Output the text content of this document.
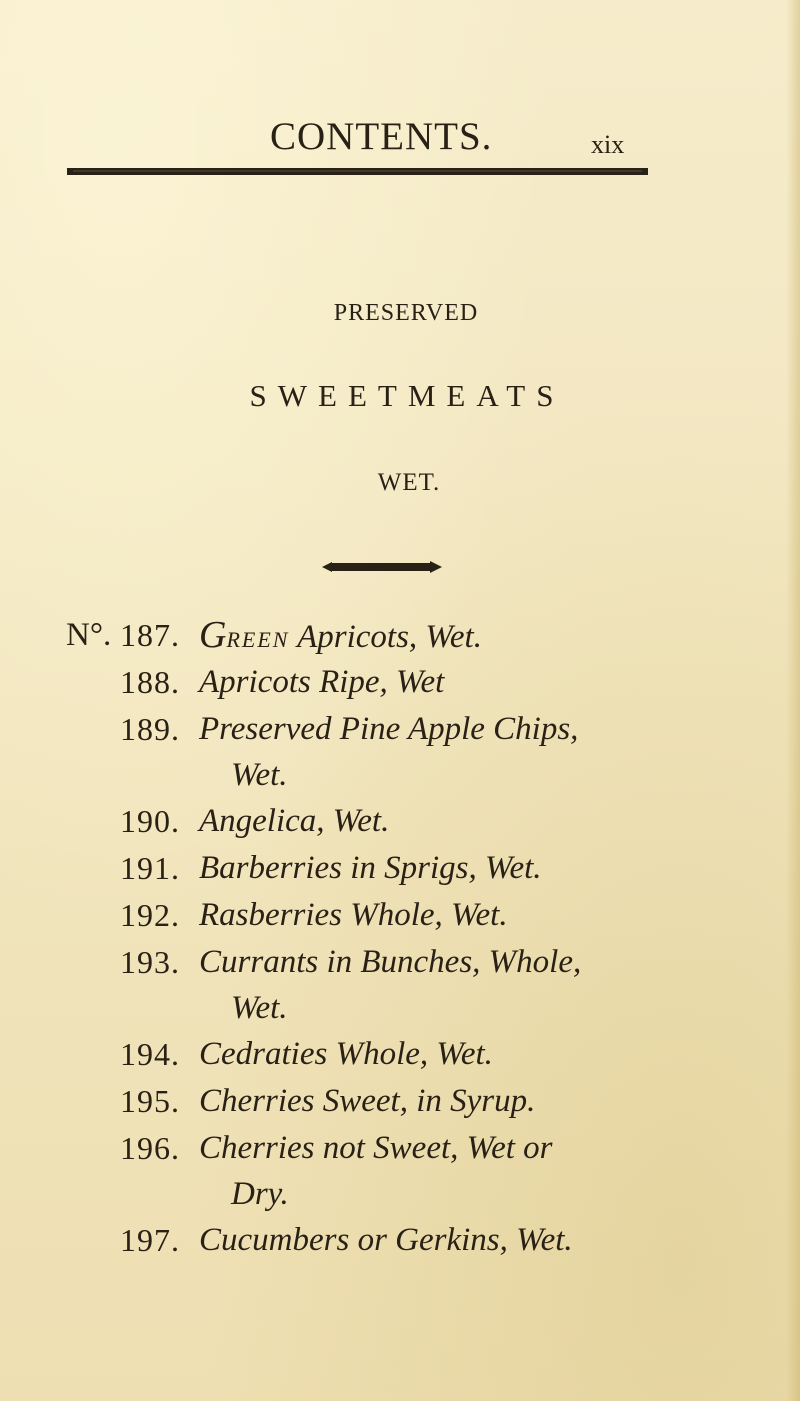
CONTENTS.	xix
PRESERVED
SWEETMEATS
WET.
N°. 187. GREEN Apricots, Wet.
188. Apricots Ripe, Wet
189. Preserved Pine Apple Chips,
Wet.
190. Angelica, Wet.
191. Barberries in Sprigs, Wet.
192. Rasberries Whole, Wet.
193. Currants in Bunches, Whole,
Wet.
194. Cedraties Whole, Wet.
195. Cherries Sweet, in Syrup.
196. Cherries not Sweet, Wet or
Dry.
197. Cucumbers or Gerkins, Wet.
